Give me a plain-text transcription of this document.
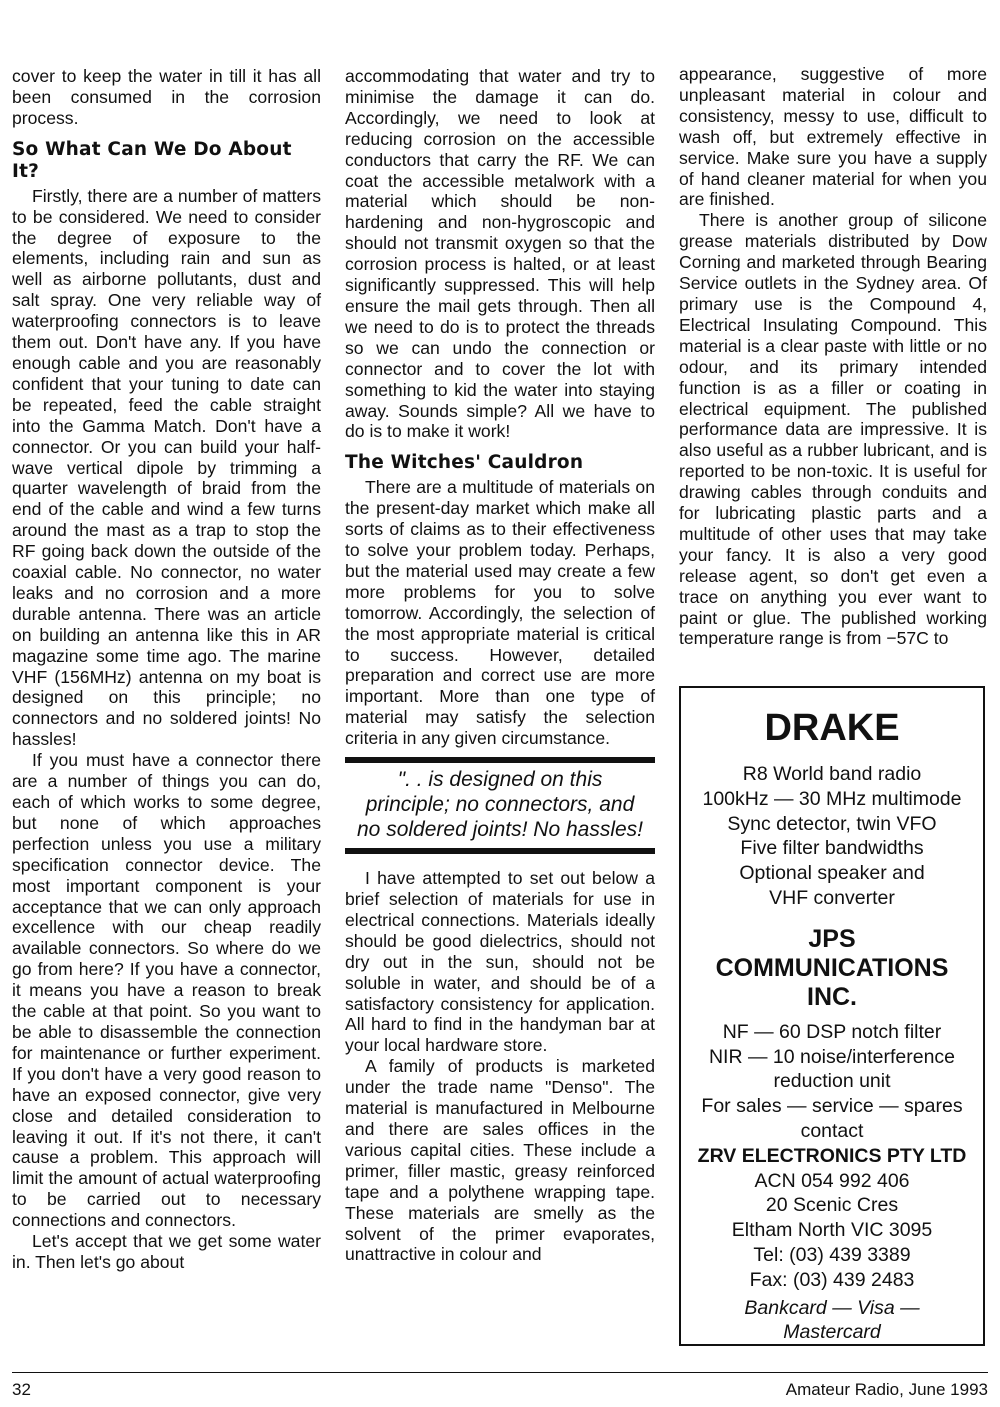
cover to keep the water in till it has all been consumed in the corrosion process.

So What Can We Do About It?

Firstly, there are a number of matters to be considered. We need to consider the degree of exposure to the elements, including rain and sun as well as airborne pollutants, dust and salt spray. One very reliable way of waterproofing connectors is to leave them out. Don't have any. If you have enough cable and you are reasonably confident that your tuning to date can be repeated, feed the cable straight into the Gamma Match. Don't have a connector. Or you can build your half-wave vertical dipole by trimming a quarter wavelength of braid from the end of the cable and wind a few turns around the mast as a trap to stop the RF going back down the outside of the coaxial cable. No connector, no water leaks and no corrosion and a more durable antenna. There was an article on building an antenna like this in AR magazine some time ago. The marine VHF (156MHz) antenna on my boat is designed on this principle; no connectors and no soldered joints! No hassles!

If you must have a connector there are a number of things you can do, each of which works to some degree, but none of which approaches perfection unless you use a military specification connector device. The most important component is your acceptance that we can only approach excellence with our cheap readily available connectors. So where do we go from here? If you have a connector, it means you have a reason to break the cable at that point. So you want to be able to disassemble the connection for maintenance or further experiment. If you don't have a very good reason to have an exposed connector, give very close and detailed consideration to leaving it out. If it's not there, it can't cause a problem. This approach will limit the amount of actual waterproofing to be carried out to necessary connections and connectors.

Let's accept that we get some water in. Then let's go about

accommodating that water and try to minimise the damage it can do. Accordingly, we need to look at reducing corrosion on the accessible conductors that carry the RF. We can coat the accessible metalwork with a material which should be non-hardening and non-hygroscopic and should not transmit oxygen so that the corrosion process is halted, or at least significantly suppressed. This will help ensure the mail gets through. Then all we need to do is to protect the threads so we can undo the connection or connector and to cover the lot with something to kid the water into staying away. Sounds simple? All we have to do is to make it work!

The Witches' Cauldron

There are a multitude of materials on the present-day market which make all sorts of claims as to their effectiveness to solve your problem today. Perhaps, but the material used may create a few more problems for you to solve tomorrow. Accordingly, the selection of the most appropriate material is critical to success. However, detailed preparation and correct use are more important. More than one type of material may satisfy the selection criteria in any given circumstance.

". . is designed on this principle; no connectors, and no soldered joints! No hassles!

I have attempted to set out below a brief selection of materials for use in electrical connections. Materials ideally should be good dielectrics, should not dry out in the sun, should not be soluble in water, and should be of a satisfactory consistency for application. All hard to find in the handyman bar at your local hardware store.

A family of products is marketed under the trade name "Denso". The material is manufactured in Melbourne and there are sales offices in the various capital cities. These include a primer, filler mastic, greasy reinforced tape and a polythene wrapping tape. These materials are smelly as the solvent of the primer evaporates, unattractive in colour and

appearance, suggestive of more unpleasant material in colour and consistency, messy to use, difficult to wash off, but extremely effective in service. Make sure you have a supply of hand cleaner material for when you are finished.

There is another group of silicone grease materials distributed by Dow Corning and marketed through Bearing Service outlets in the Sydney area. Of primary use is the Compound 4, Electrical Insulating Compound. This material is a clear paste with little or no odour, and its primary intended function is as a filler or coating in electrical equipment. The published performance data are impressive. It is also useful as a rubber lubricant, and is reported to be non-toxic. It is useful for drawing cables through conduits and for lubricating plastic parts and a multitude of other uses that may take your fancy. It is also a very good release agent, so don't get even a trace on anything you ever want to paint or glue. The published working temperature range is from −57C to

DRAKE
R8 World band radio
100kHz — 30 MHz multimode
Sync detector, twin VFO
Five filter bandwidths
Optional speaker and
VHF converter
JPS
COMMUNICATIONS
INC.
NF — 60 DSP notch filter
NIR — 10 noise/interference
reduction unit
For sales — service — spares
contact
ZRV ELECTRONICS PTY LTD
ACN 054 992 406
20 Scenic Cres
Eltham North VIC 3095
Tel: (03) 439 3389
Fax: (03) 439 2483
Bankcard — Visa —
Mastercard
32	Amateur Radio, June 1993
